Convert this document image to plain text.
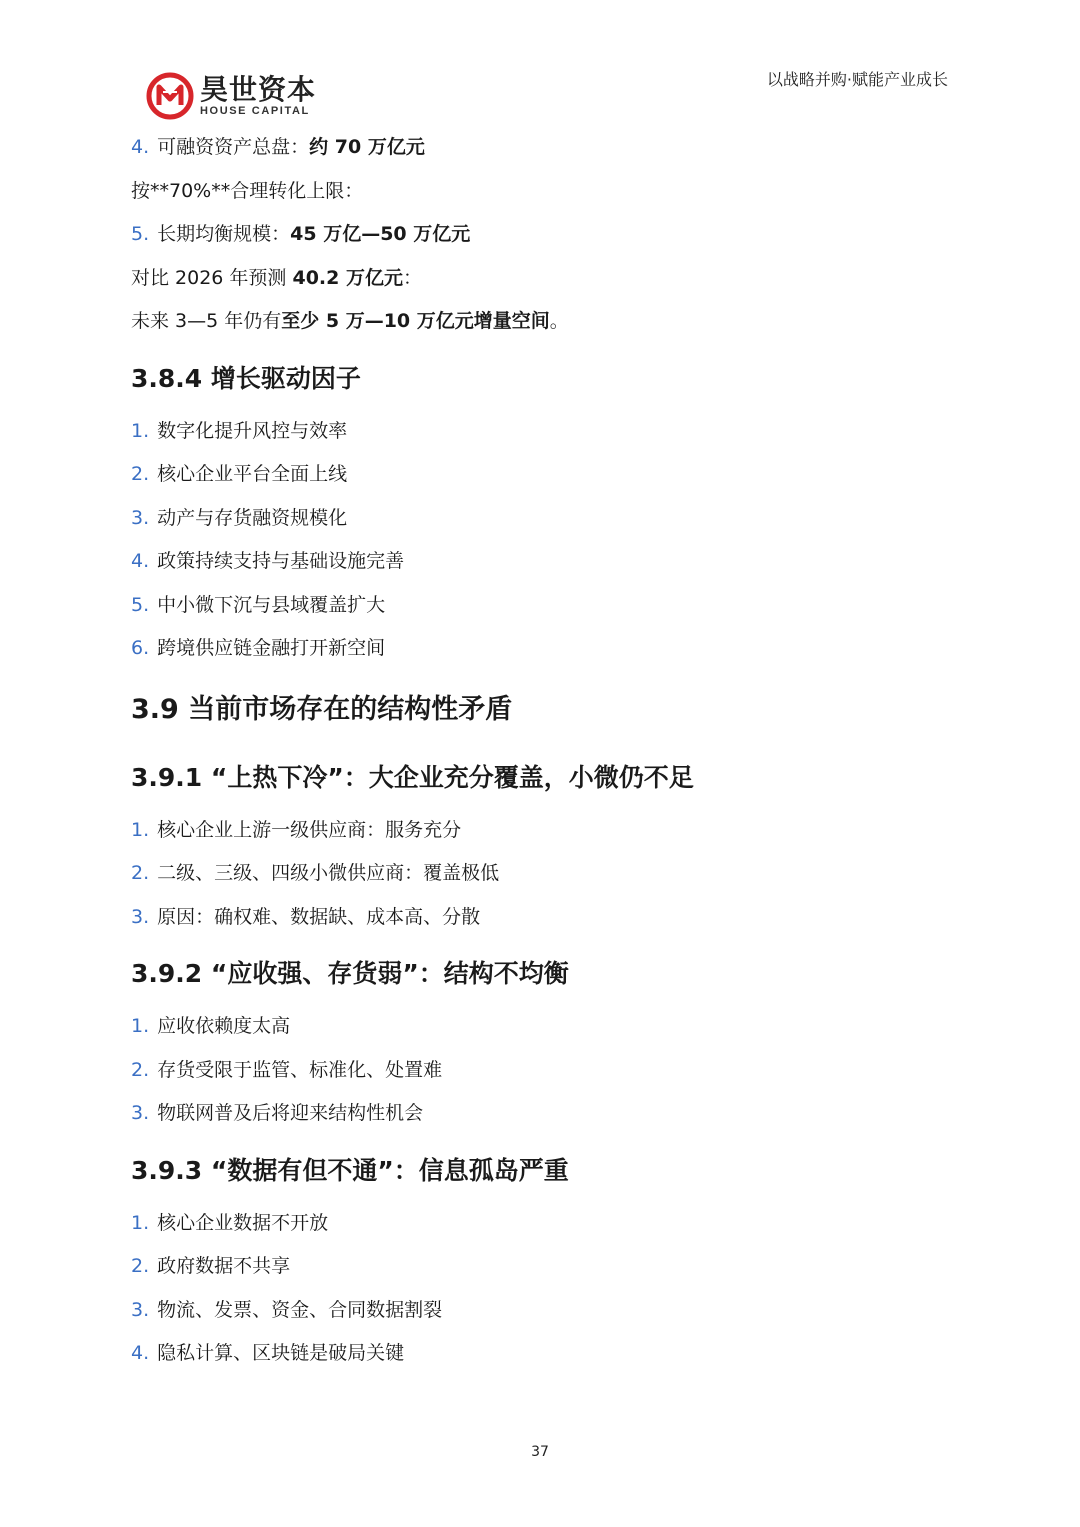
昊世资本
HOUSE CAPITAL
以战略并购·赋能产业成长

4. 可融资资产总盘： 约 70 万亿元

按**70%**合理转化上限：

5. 长期均衡规模： 45 万亿—50 万亿元

对比 2026 年预测 40.2 万亿元 ：

未来 3—5 年仍有 至少 5 万—10 万亿元增量空间 。

3.8.4 增长驱动因子

1. 数字化提升风控与效率

2. 核心企业平台全面上线

3. 动产与存货融资规模化

4. 政策持续支持与基础设施完善

5. 中小微下沉与县域覆盖扩大

6. 跨境供应链金融打开新空间

3.9 当前市场存在的结构性矛盾
3.9.1 “上热下冷”：大企业充分覆盖，小微仍不足

1. 核心企业上游一级供应商：服务充分

2. 二级、三级、四级小微供应商：覆盖极低

3. 原因：确权难、数据缺、成本高、分散

3.9.2 “应收强、存货弱”：结构不均衡

1. 应收依赖度太高

2. 存货受限于监管、标准化、处置难

3. 物联网普及后将迎来结构性机会

3.9.3 “数据有但不通”：信息孤岛严重

1. 核心企业数据不开放

2. 政府数据不共享

3. 物流、发票、资金、合同数据割裂

4. 隐私计算、区块链是破局关键

37
